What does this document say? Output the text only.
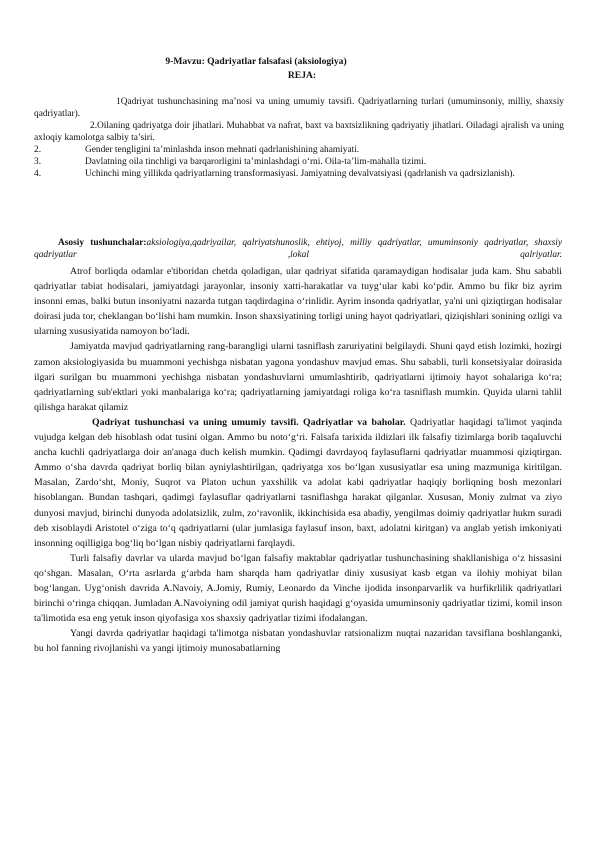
9-Mavzu: Qadriyatlar falsafasi (aksiologiya)
REJA:

1Qadriyat tushunchasining ma’nosi va uning umumiy tavsifi. Qadriyatlarning turlari (umuminsoniy, milliy, shaxsiy qadriyatlar).

2.Oilaning qadriyatga doir jihatlari. Muhabbat va nafrat, baxt va baxtsizlikning qadriyatiy jihatlari. Oiladagi ajralish va uning axloqiy kamolotga salbiy ta’siri.

2.	Gender tengligini ta’minlashda inson mehnati qadrlanishining ahamiyati.
3.	Davlatning oila tinchligi va barqarorligini ta’minlashdagi o‘rni. Oila-ta’lim-mahalla tizimi.

4.	Uchinchi ming yillikda qadriyatlarning transformasiyasi. Jamiyatning devalvatsiyasi (qadrlanish va qadrsizlanish).

Asosiy tushunchalar:aksiologiya,qadriyailar, qalriyatshunoslik, ehtiyoj, milliy qadriyatlar, umuminsoniy qadriyatlar, shaxsiy qadriyatlar ,lokal qalriyatlar.

Atrof borliqda odamlar e'tiboridan chetda qoladigan, ular qadriyat sifatida qaramaydigan hodisalar juda kam. Shu sababli qadriyatlar tabiat hodisalari, jamiyatdagi jarayonlar, insoniy xatti-harakatlar va tuyg‘ular kabi ko‘pdir. Ammo bu fikr biz ayrim insonni emas, balki butun insoniyatni nazarda tutgan taqdirdagina o‘rinlidir. Ayrim insonda qadriyatlar, ya'ni uni qiziqtirgan hodisalar doirasi juda tor, cheklangan bo‘lishi ham mumkin. Inson shaxsiyatining torligi uning hayot qadriyatlari, qiziqishlari sonining ozligi va ularning xususiyatida namoyon bo‘ladi.

Jamiyatda mavjud qadriyatlarning rang-barangligi ularni tasniflash zaruriyatini belgilaydi. Shuni qayd etish lozimki, hozirgi zamon aksiologiyasida bu muammoni yechishga nisbatan yagona yondashuv mavjud emas. Shu sababli, turli konsetsiyalar doirasida ilgari surilgan bu muammoni yechishga nisbatan yondashuvlarni umumlashtirib, qadriyatlarni ijtimoiy hayot sohalariga ko‘ra; qadriyatlarning sub'ektlari yoki manbalariga ko‘ra; qadriyatlarning jamiyatdagi roliga ko‘ra tasniflash mumkin. Quyida ularni tahlil qilishga harakat qilamiz

Qadriyat tushunchasi va uning umumiy tavsifi. Qadriyatlar va baholar. Qadriyatlar haqidagi ta'limot yaqinda vujudga kelgan deb hisoblash odat tusini olgan. Ammo bu noto‘g‘ri. Falsafa tarixida ildizlari ilk falsafiy tizimlarga borib taqaluvchi ancha kuchli qadriyatlarga doir an'anaga duch kelish mumkin. Qadimgi davrdayoq faylasuflarni qadriyatlar muammosi qiziqtirgan. Ammo o‘sha davrda qadriyat borliq bilan ayniylashtirilgan, qadriyatga xos bo‘lgan xususiyatlar esa uning mazmuniga kiritilgan. Masalan, Zardo‘sht, Moniy, Suqrot va Platon uchun yaxshilik va adolat kabi qadriyatlar haqiqiy borliqning bosh mezonlari hisoblangan. Bundan tashqari, qadimgi faylasuflar qadriyatlarni tasniflashga harakat qilganlar. Xususan, Moniy zulmat va ziyo dunyosi mavjud, birinchi dunyoda adolatsizlik, zulm, zo‘ravonlik, ikkinchisida esa abadiy, yengilmas doimiy qadriyatlar hukm suradi deb xisoblaydi Aristotel o‘ziga to‘q qadriyatlarni (ular jumlasiga faylasuf inson, baxt, adolatni kiritgan) va anglab yetish imkoniyati insonning oqilligiga bog‘liq bo‘lgan nisbiy qadriyatlarni farqlaydi.

Turli falsafiy davrlar va ularda mavjud bo‘lgan falsafiy maktablar qadriyatlar tushunchasining shakllanishiga o‘z hissasini qo‘shgan. Masalan, O‘rta asrlarda g‘arbda ham sharqda ham qadriyatlar diniy xususiyat kasb etgan va ilohiy mohiyat bilan bog‘langan. Uyg‘onish davrida A.Navoiy, A.Jomiy, Rumiy, Leonardo da Vinche ijodida insonparvarlik va hurfikrlilik qadriyatlari birinchi o‘ringa chiqqan. Jumladan A.Navoiyning odil jamiyat qurish haqidagi g‘oyasida umuminsoniy qadriyatlar tizimi, komil inson ta'limotida esa eng yetuk inson qiyofasiga xos shaxsiy qadriyatlar tizimi ifodalangan.

Yangi davrda qadriyatlar haqidagi ta'limotga nisbatan yondashuvlar ratsionalizm nuqtai nazaridan tavsiflana boshlanganki, bu hol fanning rivojlanishi va yangi ijtimoiy munosabatlarning
